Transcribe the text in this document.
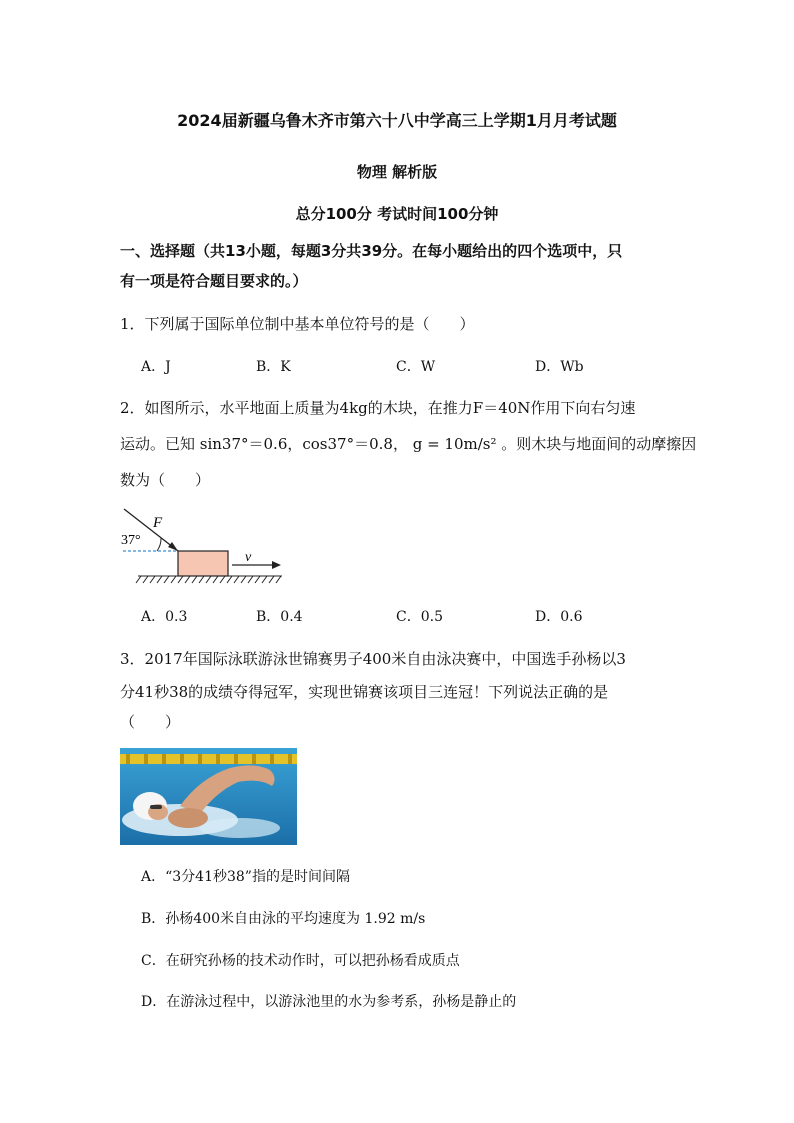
2024届新疆乌鲁木齐市第六十八中学高三上学期1月月考试题
物理 解析版
总分100分 考试时间100分钟
一、选择题（共13小题，每题3分共39分。在每小题给出的四个选项中，只
有一项是符合题目要求的。）
1．下列属于国际单位制中基本单位符号的是（　　）
A．J	B．K	C．W	D．Wb
2．如图所示，水平地面上质量为4kg的木块，在推力F＝40N作用下向右匀速
运动。已知 sin37°＝0.6，cos37°＝0.8， g = 10m/s² 。则木块与地面间的动摩擦因
数为（　　）
F
37°
v
A．0.3	B．0.4	C．0.5	D．0.6
3．2017年国际泳联游泳世锦赛男子400米自由泳决赛中，中国选手孙杨以3
分41秒38的成绩夺得冠军，实现世锦赛该项目三连冠！下列说法正确的是
（　　）
A．“3分41秒38”指的是时间间隔
B．孙杨400米自由泳的平均速度为 1.92 m/s
C．在研究孙杨的技术动作时，可以把孙杨看成质点
D．在游泳过程中，以游泳池里的水为参考系，孙杨是静止的
